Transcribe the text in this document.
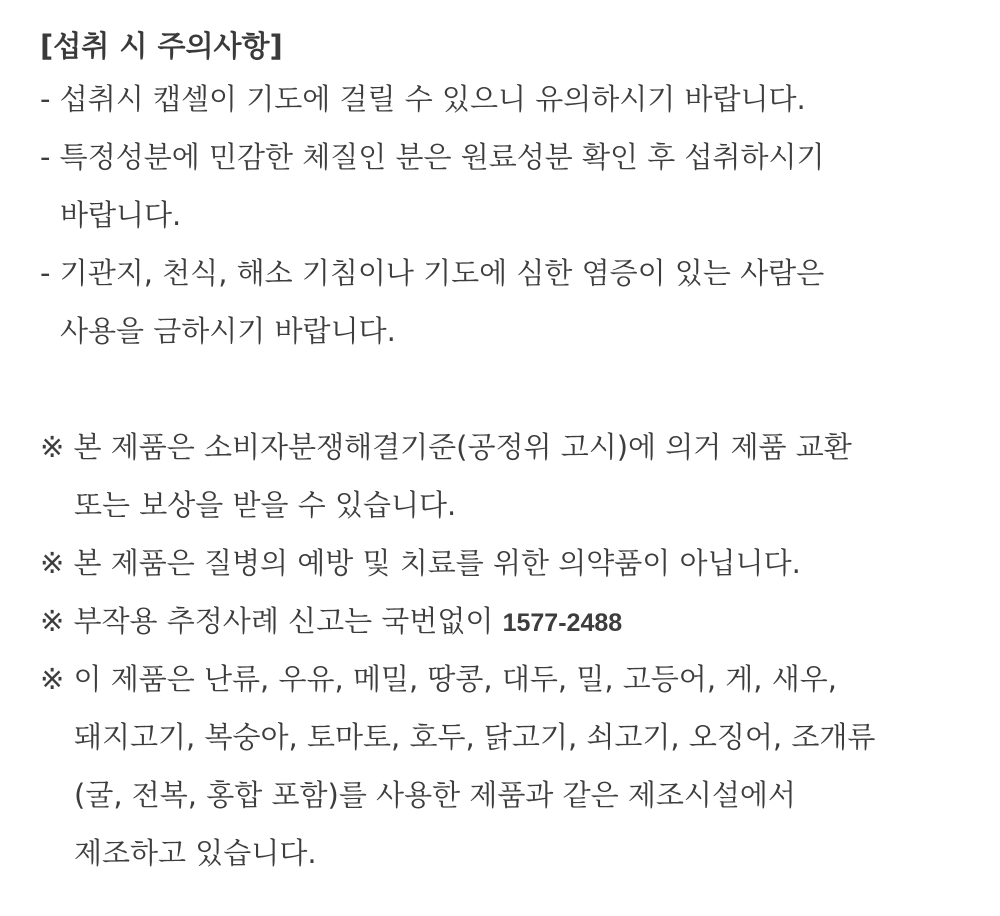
[섭취 시 주의사항]
- 섭취시 캡셀이 기도에 걸릴 수 있으니 유의하시기 바랍니다.
- 특정성분에 민감한 체질인 분은 원료성분 확인 후 섭취하시기
바랍니다.
- 기관지, 천식, 해소 기침이나 기도에 심한 염증이 있는 사람은
사용을 금하시기 바랍니다.
※ 본 제품은 소비자분쟁해결기준(공정위 고시)에 의거 제품 교환
또는 보상을 받을 수 있습니다.
※ 본 제품은 질병의 예방 및 치료를 위한 의약품이 아닙니다.
※ 부작용 추정사례 신고는 국번없이 1577-2488
※ 이 제품은 난류, 우유, 메밀, 땅콩, 대두, 밀, 고등어, 게, 새우,
돼지고기, 복숭아, 토마토, 호두, 닭고기, 쇠고기, 오징어, 조개류
(굴, 전복, 홍합 포함)를 사용한 제품과 같은 제조시설에서
제조하고 있습니다.
